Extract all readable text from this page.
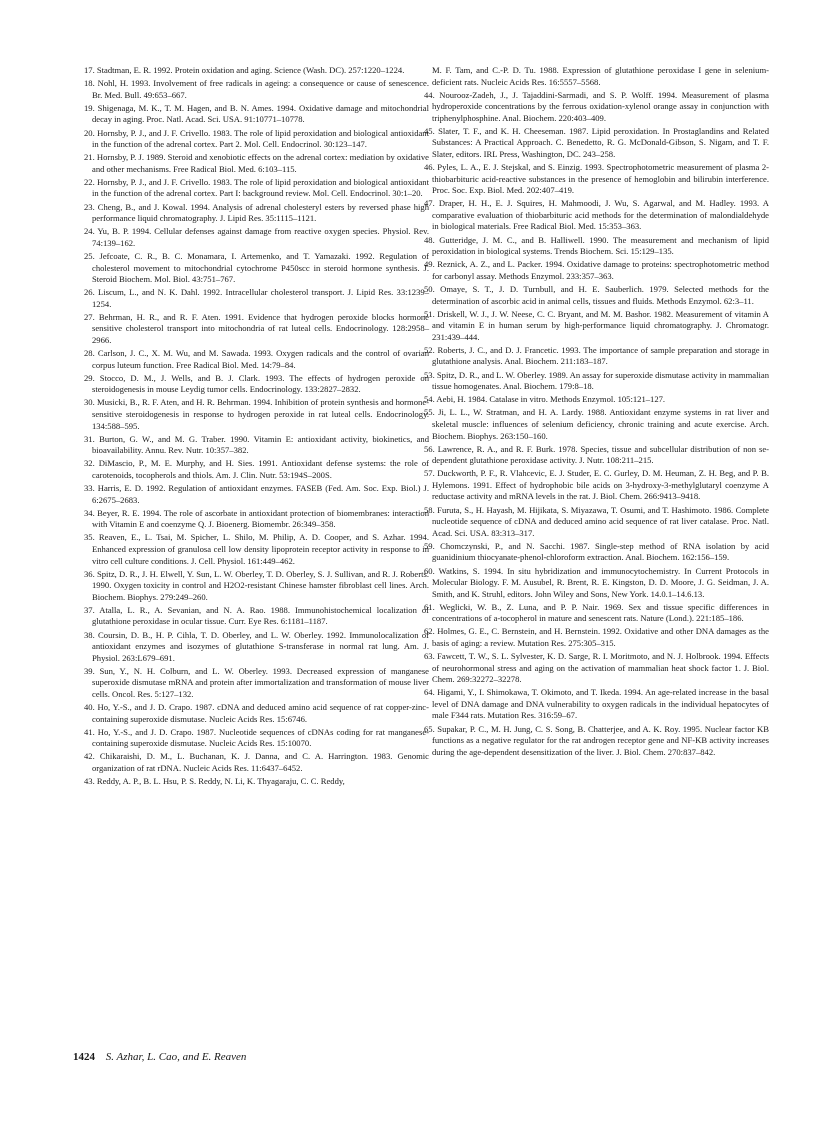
17. Stadtman, E. R. 1992. Protein oxidation and aging. Science (Wash. DC). 257:1220–1224.

18. Nohl, H. 1993. Involvement of free radicals in ageing: a consequence or cause of senescence. Br. Med. Bull. 49:653–667.

19. Shigenaga, M. K., T. M. Hagen, and B. N. Ames. 1994. Oxidative damage and mitochondrial decay in aging. Proc. Natl. Acad. Sci. USA. 91:10771–10778.

20. Hornsby, P. J., and J. F. Crivello. 1983. The role of lipid peroxidation and biological antioxidant in the function of the adrenal cortex. Part 2. Mol. Cell. Endocrinol. 30:123–147.

21. Hornsby, P. J. 1989. Steroid and xenobiotic effects on the adrenal cortex: mediation by oxidative and other mechanisms. Free Radical Biol. Med. 6:103–115.

22. Hornsby, P. J., and J. F. Crivello. 1983. The role of lipid peroxidation and biological antioxidant in the function of the adrenal cortex. Part I: background review. Mol. Cell. Endocrinol. 30:1–20.

23. Cheng, B., and J. Kowal. 1994. Analysis of adrenal cholesteryl esters by reversed phase high performance liquid chromatography. J. Lipid Res. 35:1115–1121.

24. Yu, B. P. 1994. Cellular defenses against damage from reactive oxygen species. Physiol. Rev. 74:139–162.

25. Jefcoate, C. R., B. C. Monamara, I. Artemenko, and T. Yamazaki. 1992. Regulation of cholesterol movement to mitochondrial cytochrome P450scc in steroid hormone synthesis. J. Steroid Biochem. Mol. Biol. 43:751–767.

26. Liscum, L., and N. K. Dahl. 1992. Intracellular cholesterol transport. J. Lipid Res. 33:1239–1254.

27. Behrman, H. R., and R. F. Aten. 1991. Evidence that hydrogen peroxide blocks hormone sensitive cholesterol transport into mitochondria of rat luteal cells. Endocrinology. 128:2958–2966.

28. Carlson, J. C., X. M. Wu, and M. Sawada. 1993. Oxygen radicals and the control of ovarian corpus luteum function. Free Radical Biol. Med. 14:79–84.

29. Stocco, D. M., J. Wells, and B. J. Clark. 1993. The effects of hydrogen peroxide on steroidogenesis in mouse Leydig tumor cells. Endocrinology. 133:2827–2832.

30. Musicki, B., R. F. Aten, and H. R. Behrman. 1994. Inhibition of protein synthesis and hormone-sensitive steroidogenesis in response to hydrogen peroxide in rat luteal cells. Endocrinology. 134:588–595.

31. Burton, G. W., and M. G. Traber. 1990. Vitamin E: antioxidant activity, biokinetics, and bioavailability. Annu. Rev. Nutr. 10:357–382.

32. DiMascio, P., M. E. Murphy, and H. Sies. 1991. Antioxidant defense systems: the role of carotenoids, tocopherols and thiols. Am. J. Clin. Nutr. 53:194S–200S.

33. Harris, E. D. 1992. Regulation of antioxidant enzymes. FASEB (Fed. Am. Soc. Exp. Biol.) J. 6:2675–2683.

34. Beyer, R. E. 1994. The role of ascorbate in antioxidant protection of biomembranes: interaction with Vitamin E and coenzyme Q. J. Bioenerg. Biomembr. 26:349–358.

35. Reaven, E., L. Tsai, M. Spicher, L. Shilo, M. Philip, A. D. Cooper, and S. Azhar. 1994. Enhanced expression of granulosa cell low density lipoprotein receptor activity in response to in vitro cell culture conditions. J. Cell. Physiol. 161:449–462.

36. Spitz, D. R., J. H. Elwell, Y. Sun, L. W. Oberley, T. D. Oberley, S. J. Sullivan, and R. J. Roberts. 1990. Oxygen toxicity in control and H2O2-resistant Chinese hamster fibroblast cell lines. Arch. Biochem. Biophys. 279:249–260.

37. Atalla, L. R., A. Sevanian, and N. A. Rao. 1988. Immunohistochemical localization of glutathione peroxidase in ocular tissue. Curr. Eye Res. 6:1181–1187.

38. Coursin, D. B., H. P. Cihla, T. D. Oberley, and L. W. Oberley. 1992. Immunolocalization of antioxidant enzymes and isozymes of glutathione S-transferase in normal rat lung. Am. J. Physiol. 263:L679–691.

39. Sun, Y., N. H. Colburn, and L. W. Oberley. 1993. Decreased expression of manganese superoxide dismutase mRNA and protein after immortalization and transformation of mouse liver cells. Oncol. Res. 5:127–132.

40. Ho, Y.-S., and J. D. Crapo. 1987. cDNA and deduced amino acid sequence of rat copper-zinc-containing superoxide dismutase. Nucleic Acids Res. 15:6746.

41. Ho, Y.-S., and J. D. Crapo. 1987. Nucleotide sequences of cDNAs coding for rat manganese-containing superoxide dismutase. Nucleic Acids Res. 15:10070.

42. Chikaraishi, D. M., L. Buchanan, K. J. Danna, and C. A. Harrington. 1983. Genomic organization of rat rDNA. Nucleic Acids Res. 11:6437–6452.

43. Reddy, A. P., B. L. Hsu, P. S. Reddy, N. Li, K. Thyagaraju, C. C. Reddy,

M. F. Tam, and C.-P. D. Tu. 1988. Expression of glutathione peroxidase I gene in selenium-deficient rats. Nucleic Acids Res. 16:5557–5568.

44. Nourooz-Zadeh, J., J. Tajaddini-Sarmadi, and S. P. Wolff. 1994. Measurement of plasma hydroperoxide concentrations by the ferrous oxidation-xylenol orange assay in conjunction with triphenylphosphine. Anal. Biochem. 220:403–409.

45. Slater, T. F., and K. H. Cheeseman. 1987. Lipid peroxidation. In Prostaglandins and Related Substances: A Practical Approach. C. Benedetto, R. G. McDonald-Gibson, S. Nigam, and T. F. Slater, editors. IRL Press, Washington, DC. 243–258.

46. Pyles, L. A., E. J. Stejskal, and S. Einzig. 1993. Spectrophotometric measurement of plasma 2-thiobarbituric acid-reactive substances in the presence of hemoglobin and bilirubin interference. Proc. Soc. Exp. Biol. Med. 202:407–419.

47. Draper, H. H., E. J. Squires, H. Mahmoodi, J. Wu, S. Agarwal, and M. Hadley. 1993. A comparative evaluation of thiobarbituric acid methods for the determination of malondialdehyde in biological materials. Free Radical Biol. Med. 15:353–363.

48. Gutteridge, J. M. C., and B. Halliwell. 1990. The measurement and mechanism of lipid peroxidation in biological systems. Trends Biochem. Sci. 15:129–135.

49. Reznick, A. Z., and L. Packer. 1994. Oxidative damage to proteins: spectrophotometric method for carbonyl assay. Methods Enzymol. 233:357–363.

50. Omaye, S. T., J. D. Turnbull, and H. E. Sauberlich. 1979. Selected methods for the determination of ascorbic acid in animal cells, tissues and fluids. Methods Enzymol. 62:3–11.

51. Driskell, W. J., J. W. Neese, C. C. Bryant, and M. M. Bashor. 1982. Measurement of vitamin A and vitamin E in human serum by high-performance liquid chromatography. J. Chromatogr. 231:439–444.

52. Roberts, J. C., and D. J. Francetic. 1993. The importance of sample preparation and storage in glutathione analysis. Anal. Biochem. 211:183–187.

53. Spitz, D. R., and L. W. Oberley. 1989. An assay for superoxide dismutase activity in mammalian tissue homogenates. Anal. Biochem. 179:8–18.

54. Aebi, H. 1984. Catalase in vitro. Methods Enzymol. 105:121–127.

55. Ji, L. L., W. Stratman, and H. A. Lardy. 1988. Antioxidant enzyme systems in rat liver and skeletal muscle: influences of selenium deficiency, chronic training and acute exercise. Arch. Biochem. Biophys. 263:150–160.

56. Lawrence, R. A., and R. F. Burk. 1978. Species, tissue and subcellular distribution of non se-dependent glutathione peroxidase activity. J. Nutr. 108:211–215.

57. Duckworth, P. F., R. Vlahcevic, E. J. Studer, E. C. Gurley, D. M. Heuman, Z. H. Beg, and P. B. Hylemons. 1991. Effect of hydrophobic bile acids on 3-hydroxy-3-methylglutaryl coenzyme A reductase activity and mRNA levels in the rat. J. Biol. Chem. 266:9413–9418.

58. Furuta, S., H. Hayash, M. Hijikata, S. Miyazawa, T. Osumi, and T. Hashimoto. 1986. Complete nucleotide sequence of cDNA and deduced amino acid sequence of rat liver catalase. Proc. Natl. Acad. Sci. USA. 83:313–317.

59. Chomczynski, P., and N. Sacchi. 1987. Single-step method of RNA isolation by acid guanidinium thiocyanate-phenol-chloroform extraction. Anal. Biochem. 162:156–159.

60. Watkins, S. 1994. In situ hybridization and immunocytochemistry. In Current Protocols in Molecular Biology. F. M. Ausubel, R. Brent, R. E. Kingston, D. D. Moore, J. G. Seidman, J. A. Smith, and K. Struhl, editors. John Wiley and Sons, New York. 14.0.1–14.6.13.

61. Weglicki, W. B., Z. Luna, and P. P. Nair. 1969. Sex and tissue specific differences in concentrations of a-tocopherol in mature and senescent rats. Nature (Lond.). 221:185–186.

62. Holmes, G. E., C. Bernstein, and H. Bernstein. 1992. Oxidative and other DNA damages as the basis of aging: a review. Mutation Res. 275:305–315.

63. Fawcett, T. W., S. L. Sylvester, K. D. Sarge, R. I. Moritmoto, and N. J. Holbrook. 1994. Effects of neurohormonal stress and aging on the activation of mammalian heat shock factor 1. J. Biol. Chem. 269:32272–32278.

64. Higami, Y., I. Shimokawa, T. Okimoto, and T. Ikeda. 1994. An age-related increase in the basal level of DNA damage and DNA vulnerability to oxygen radicals in the individual hepatocytes of male F344 rats. Mutation Res. 316:59–67.

65. Supakar, P. C., M. H. Jung, C. S. Song, B. Chatterjee, and A. K. Roy. 1995. Nuclear factor KB functions as a negative regulator for the rat androgen receptor gene and NF-KB activity increases during the age-dependent desensitization of the liver. J. Biol. Chem. 270:837–842.

1424 S. Azhar, L. Cao, and E. Reaven
